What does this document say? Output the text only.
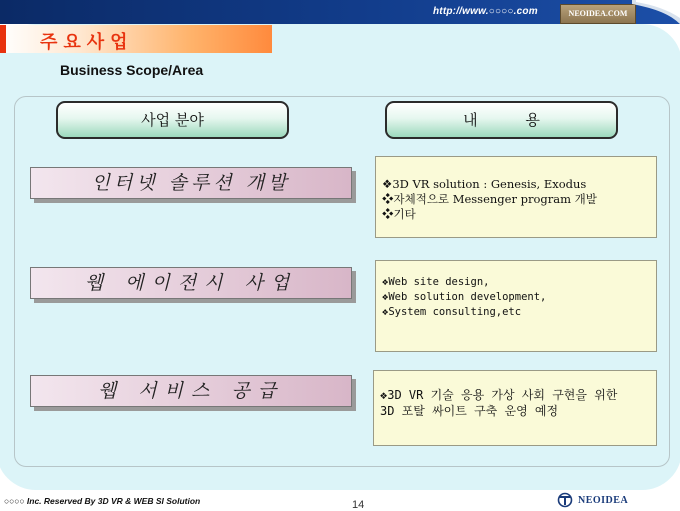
http://www.○○○○.com	NEOIDEA.COM
주요사업
Business Scope/Area
사업 분야	내          용
인터넷 솔루션 개발	❖3D VR solution : Genesis, Exodus
❖자체적으로 Messenger program 개발
❖기타
웹 에이전시 사업	❖Web site design,
❖Web solution development,
❖System consulting,etc
웹 서비스 공급	❖3D VR 기술 응용 가상 사회 구현을 위한
3D 포탈 싸이트 구축 운영 예정
○○○○ Inc. Reserved By 3D VR & WEB SI Solution	14	NEOIDEA
